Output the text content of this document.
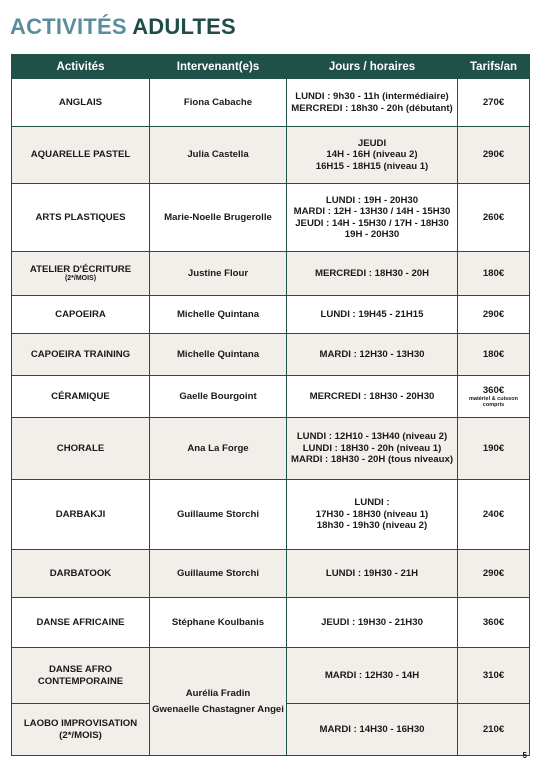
ACTIVITÉS ADULTES
Activités	Intervenant(e)s	Jours / horaires	Tarifs/an
ANGLAIS	Fiona Cabache	LUNDI : 9h30 - 11h (intermédiaire)
MERCREDI : 18h30 - 20h (débutant)	270€
AQUARELLE PASTEL	Julia Castella	JEUDI
14H - 16H (niveau 2)
16H15 - 18H15 (niveau 1)	290€
ARTS PLASTIQUES	Marie-Noelle Brugerolle	LUNDI : 19H - 20H30
MARDI : 12H - 13H30 / 14H - 15H30
JEUDI : 14H - 15H30 / 17H - 18H30
19H - 20H30	260€

ATELIER D'ÉCRITURE
(2*/MOIS)	Justine Flour	MERCREDI : 18H30 - 20H	180€
CAPOEIRA	Michelle Quintana	LUNDI : 19H45 - 21H15	290€
CAPOEIRA TRAINING	Michelle Quintana	MARDI : 12H30 - 13H30	180€
CÉRAMIQUE	Gaelle Bourgoint	MERCREDI : 18H30 - 20H30	360€
matériel & cuisson compris

CHORALE	Ana La Forge	LUNDI : 12H10 - 13H40 (niveau 2)
LUNDI : 18H30 - 20h (niveau 1)
MARDI : 18H30 - 20H (tous niveaux)	190€
DARBAKJI	Guillaume Storchi	LUNDI :
17H30 - 18H30 (niveau 1)
18h30 - 19h30 (niveau 2)	240€
DARBATOOK	Guillaume Storchi	LUNDI : 19H30 - 21H	290€
DANSE AFRICAINE	Stéphane Koulbanis	JEUDI : 19H30 - 21H30	360€
DANSE AFRO CONTEMPORAINE	Aurélia Fradin
Gwenaelle Chastagner Angei	MARDI : 12H30 - 14H	310€

LAOBO IMPROVISATION
(2*/MOIS)		MARDI : 14H30 - 16H30	210€
5
